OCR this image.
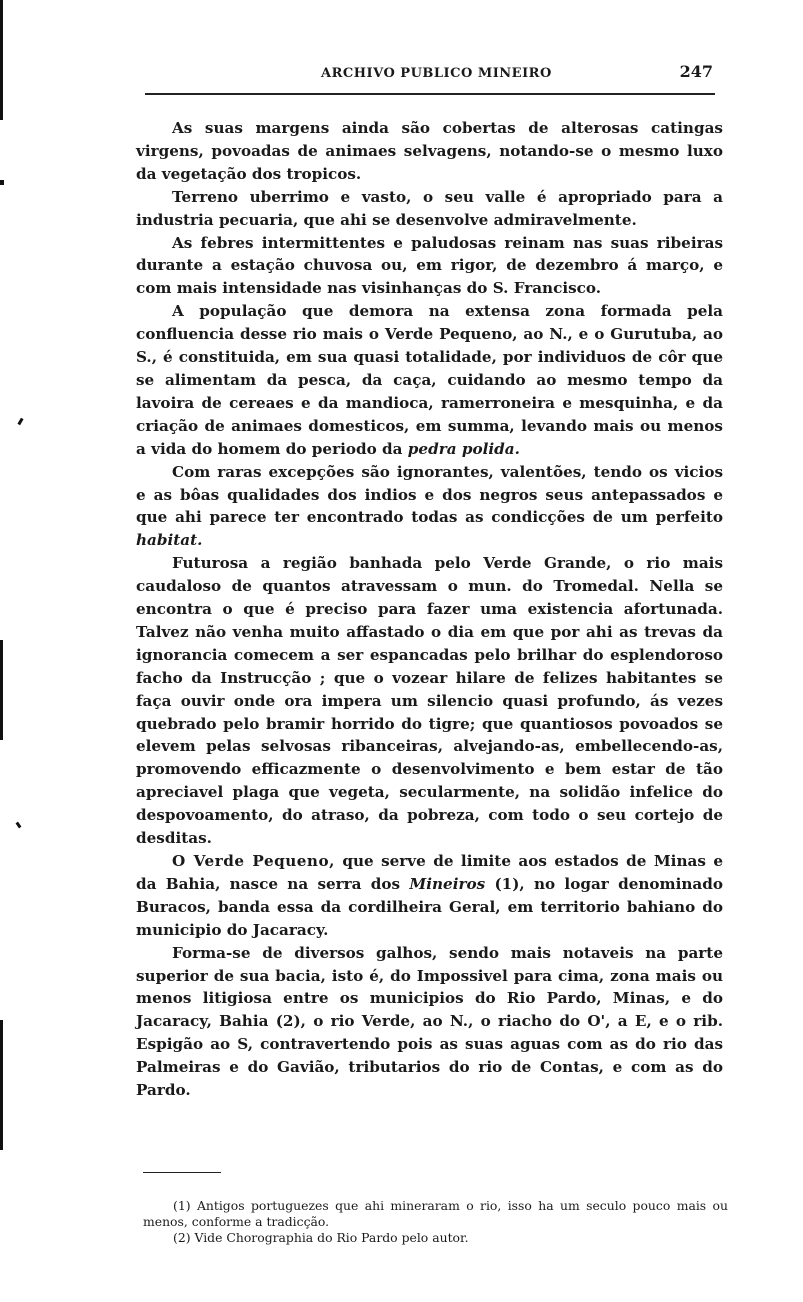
ARCHIVO PUBLICO MINEIRO	247

As suas margens ainda são cobertas de alterosas catingas virgens, povoadas de animaes selvagens, notando-se o mesmo luxo da vegetação dos tropicos.

Terreno uberrimo e vasto, o seu valle é apropriado para a industria pecuaria, que ahi se desenvolve admiravelmente.

As febres intermittentes e paludosas reinam nas suas ribeiras durante a estação chuvosa ou, em rigor, de dezembro á março, e com mais intensidade nas visinhanças do S. Francisco.

A população que demora na extensa zona formada pela confluencia desse rio mais o Verde Pequeno, ao N., e o Gurutuba, ao S., é constituida, em sua quasi totalidade, por individuos de côr que se alimentam da pesca, da caça, cuidando ao mesmo tempo da lavoira de cereaes e da mandioca, ramerroneira e mesquinha, e da criação de animaes domesticos, em summa, levando mais ou menos a vida do homem do periodo da pedra polida.

Com raras excepções são ignorantes, valentões, tendo os vicios e as bôas qualidades dos indios e dos negros seus antepassados e que ahi parece ter encontrado todas as condicções de um perfeito habitat.

Futurosa a região banhada pelo Verde Grande, o rio mais caudaloso de quantos atravessam o mun. do Tromedal. Nella se encontra o que é preciso para fazer uma existencia afortunada. Talvez não venha muito affastado o dia em que por ahi as trevas da ignorancia comecem a ser espancadas pelo brilhar do esplendoroso facho da Instrucção ; que o vozear hilare de felizes habitantes se faça ouvir onde ora impera um silencio quasi profundo, ás vezes quebrado pelo bramir horrido do tigre; que quantiosos povoados se elevem pelas selvosas ribanceiras, alvejando-as, embellecendo-as, promovendo efficazmente o desenvolvimento e bem estar de tão apreciavel plaga que vegeta, secularmente, na solidão infelice do despovoamento, do atraso, da pobreza, com todo o seu cortejo de desditas.

O Verde Pequeno, que serve de limite aos estados de Minas e da Bahia, nasce na serra dos Mineiros (1), no logar denominado Buracos, banda essa da cordilheira Geral, em territorio bahiano do municipio do Jacaracy.

Forma-se de diversos galhos, sendo mais notaveis na parte superior de sua bacia, isto é, do Impossivel para cima, zona mais ou menos litigiosa entre os municipios do Rio Pardo, Minas, e do Jacaracy, Bahia (2), o rio Verde, ao N., o riacho do O', a E, e o rib. Espigão ao S, contravertendo pois as suas aguas com as do rio das Palmeiras e do Gavião, tributarios do rio de Contas, e com as do Pardo.

(1) Antigos portuguezes que ahi mineraram o rio, isso ha um seculo pouco mais ou menos, conforme a tradicção.

(2) Vide Chorographia do Rio Pardo pelo autor.
